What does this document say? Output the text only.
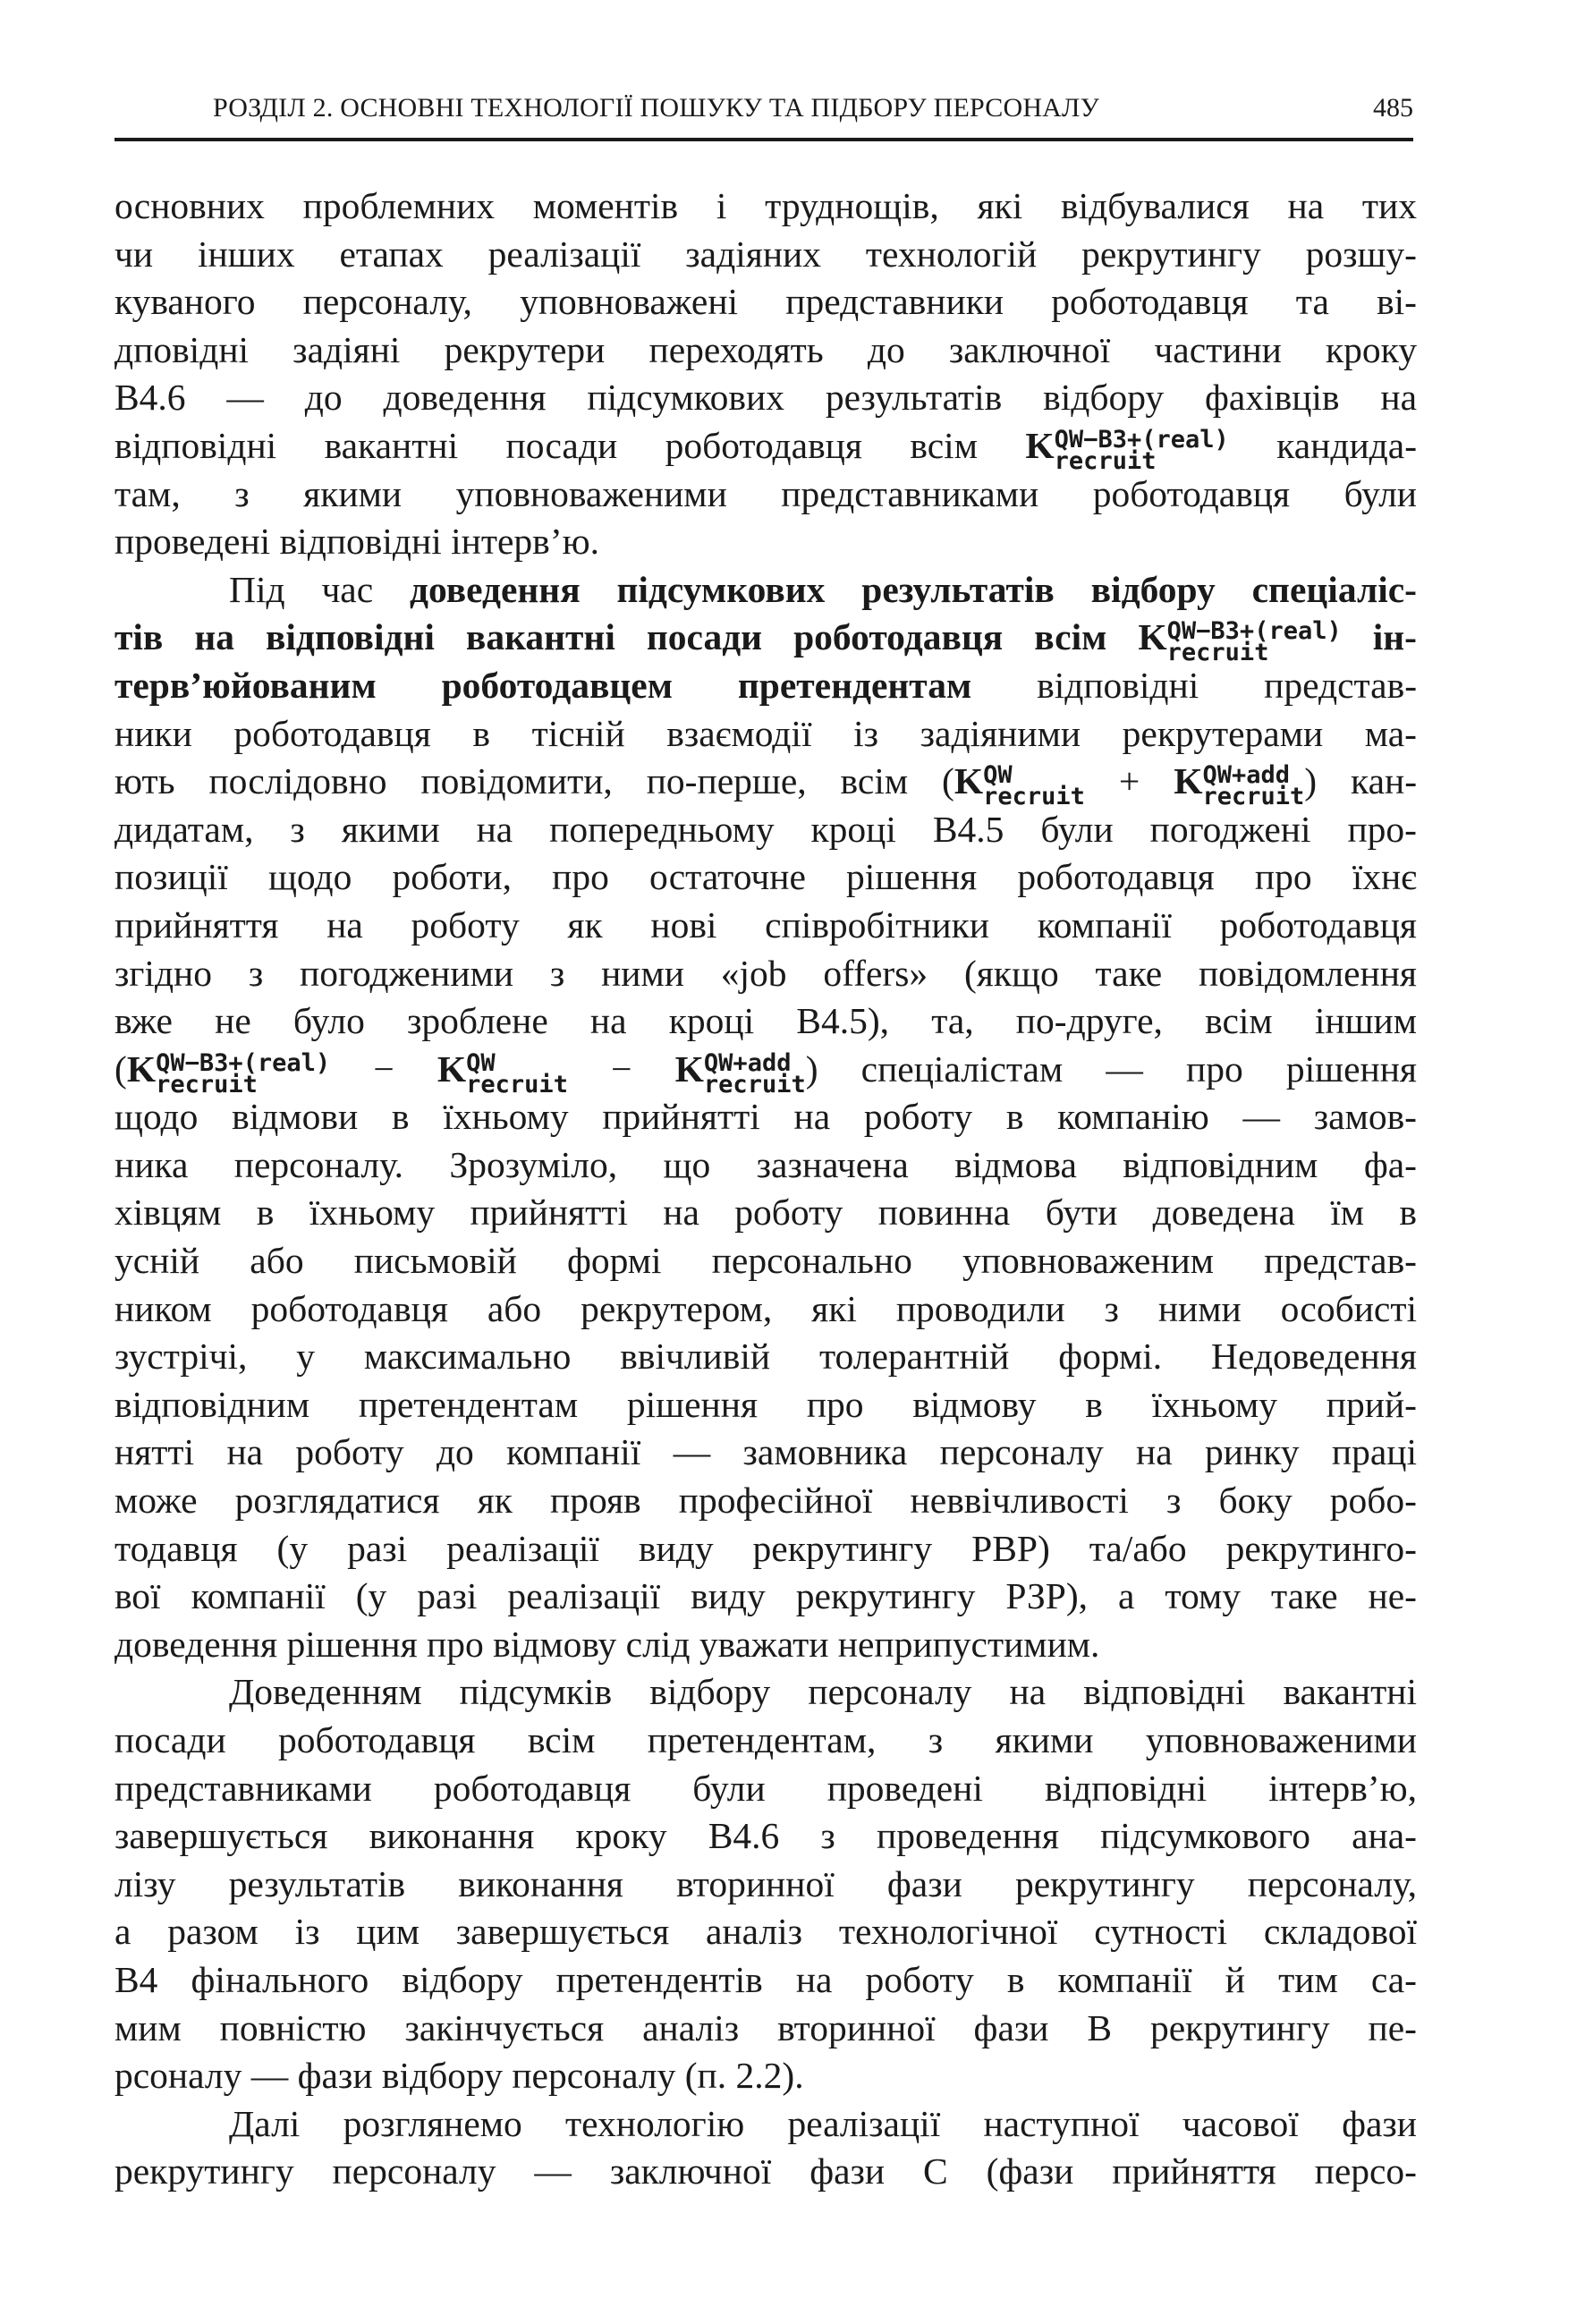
РОЗДІЛ 2. ОСНОВНІ ТЕХНОЛОГІЇ ПОШУКУ ТА ПІДБОРУ ПЕРСОНАЛУ	485
основних проблемних моментів і труднощів, які відбувалися на тих
чи інших етапах реалізації задіяних технологій рекрутингу розшу-
куваного персоналу, уповноважені представники роботодавця та ві-
дповідні задіяні рекрутери переходять до заключної частини кроку
В4.6 — до доведення підсумкових результатів відбору фахівців на
відповідні вакантні посади роботодавця всім K QW−B3+(real)
recruit	кандида-
там, з якими уповноваженими представниками роботодавця були
проведені відповідні інтерв’ю.
Під час доведення підсумкових результатів відбору спеціаліс-
тів на відповідні вакантні посади роботодавця всім K QW−B3+(real)
recruit	ін-
терв’юйованим роботодавцем претендентам відповідні представ-
ники роботодавця в тісній взаємодії із задіяними рекрутерами ма-
ють послідовно повідомити, по-перше, всім (K QW
recruit + K QW+add
recruit ) кан-
дидатам, з якими на попередньому кроці В4.5 були погоджені про-
позиції щодо роботи, про остаточне рішення роботодавця про їхнє
прийняття на роботу як нові співробітники компанії роботодавця
згідно з погодженими з ними «job offers» (якщо таке повідомлення
вже не було зроблене на кроці В4.5), та, по-друге, всім іншим
(K QW−B3+(real)
recruit	− K QW
recruit − K QW+add
recruit ) спеціалістам — про рішення
щодо відмови в їхньому прийнятті на роботу в компанію — замов-
ника персоналу. Зрозуміло, що зазначена відмова відповідним фа-
хівцям в їхньому прийнятті на роботу повинна бути доведена їм в
усній або письмовій формі персонально уповноваженим представ-
ником роботодавця або рекрутером, які проводили з ними особисті
зустрічі, у максимально ввічливій толерантній формі. Недоведення
відповідним претендентам рішення про відмову в їхньому прий-
нятті на роботу до компанії — замовника персоналу на ринку праці
може розглядатися як прояв професійної неввічливості з боку робо-
тодавця (у разі реалізації виду рекрутингу РВР) та/або рекрутинго-
вої компанії (у разі реалізації виду рекрутингу РЗР), а тому таке не-
доведення рішення про відмову слід уважати неприпустимим.
Доведенням підсумків відбору персоналу на відповідні вакантні
посади роботодавця всім претендентам, з якими уповноваженими
представниками роботодавця були проведені відповідні інтерв’ю,
завершується виконання кроку В4.6 з проведення підсумкового ана-
лізу результатів виконання вторинної фази рекрутингу персоналу,
а разом із цим завершується аналіз технологічної сутності складової
В4 фінального відбору претендентів на роботу в компанії й тим са-
мим повністю закінчується аналіз вторинної фази В рекрутингу пе-
рсоналу — фази відбору персоналу (п. 2.2).
Далі розглянемо технологію реалізації наступної часової фази
рекрутингу персоналу — заключної фази С (фази прийняття персо-
